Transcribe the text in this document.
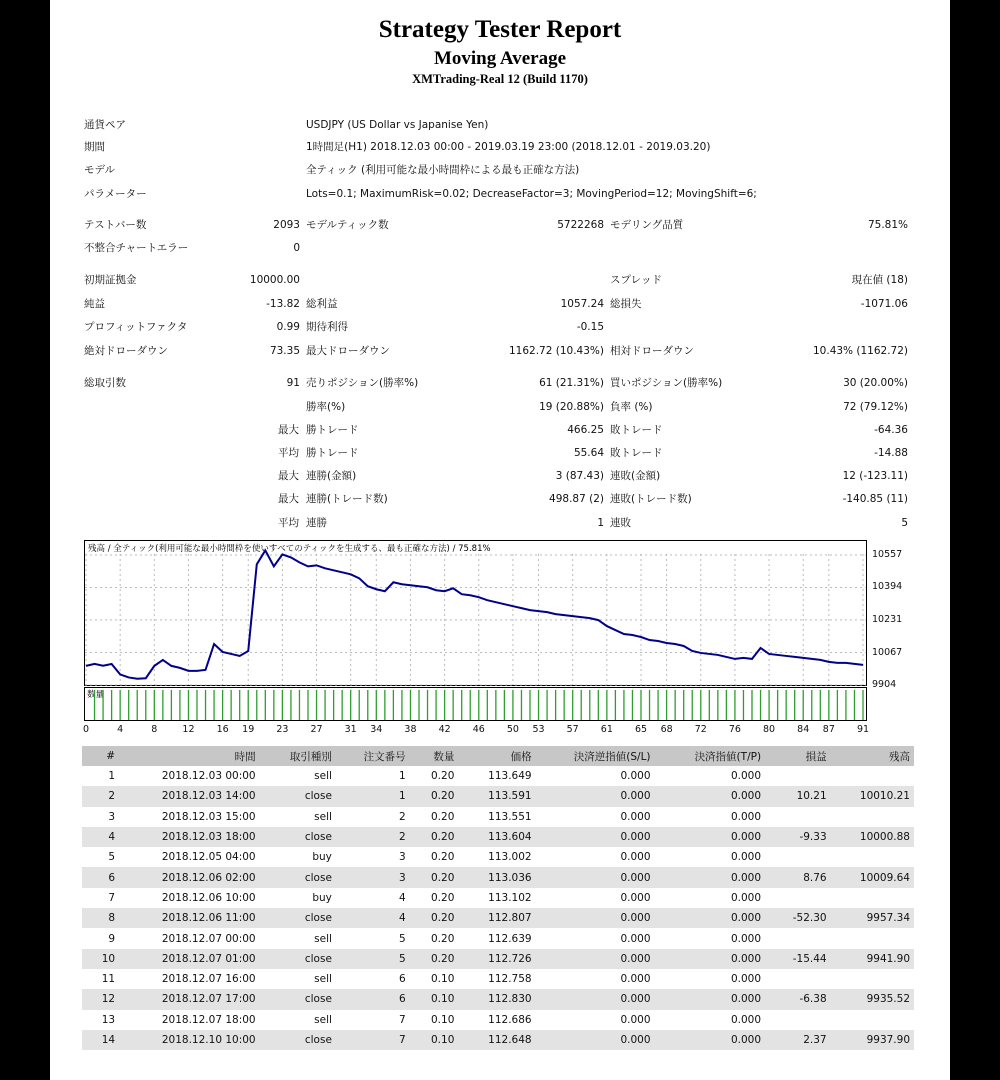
Strategy Tester Report
Moving Average
XMTrading-Real 12 (Build 1170)
通貨ペア	USDJPY (US Dollar vs Japanise Yen)
期間	1時間足(H1) 2018.12.03 00:00 - 2019.03.19 23:00 (2018.12.01 - 2019.03.20)
モデル	全ティック (利用可能な最小時間枠による最も正確な方法)
パラメーター	Lots=0.1; MaximumRisk=0.02; DecreaseFactor=3; MovingPeriod=12; MovingShift=6;
テストバー数	2093 モデルティック数	5722268 モデリング品質	75.81%
不整合チャートエラー	0
初期証拠金	10000.00	スプレッド	現在値 (18)
純益	-13.82 総利益	1057.24 総損失	-1071.06
プロフィットファクタ	0.99 期待利得	-0.15
絶対ドローダウン	73.35 最大ドローダウン	1162.72 (10.43%) 相対ドローダウン	10.43% (1162.72)
総取引数	91 売りポジション(勝率%)	61 (21.31%) 買いポジション(勝率%)	30 (20.00%)
勝率(%)	19 (20.88%) 負率 (%)	72 (79.12%)
最大 勝トレード	466.25 敗トレード	-64.36
平均 勝トレード	55.64 敗トレード	-14.88
最大 連勝(金額)	3 (87.43) 連敗(金額)	12 (-123.11)
最大 連勝(トレード数)	498.87 (2) 連敗(トレード数)	-140.85 (11)
平均 連勝	1 連敗	5
残高 / 全ティック(利用可能な最小時間枠を使いすべてのティックを生成する、最も正確な方法) / 75.81%	10557
10394
10231
10067
9904
数量
0	4	8	12 16 19 23 27 31 34 38 42 46 50 53 57 61 65 68 72 76 80 84 87 91
#	時間	取引種別	注文番号	数量	価格	決済逆指値(S/L)	決済指値(T/P)	損益	残高
1	2018.12.03 00:00	sell	1	0.20	113.649	0.000	0.000		
2	2018.12.03 14:00	close	1	0.20	113.591	0.000	0.000	10.21	10010.21
3	2018.12.03 15:00	sell	2	0.20	113.551	0.000	0.000		
4	2018.12.03 18:00	close	2	0.20	113.604	0.000	0.000	-9.33	10000.88
5	2018.12.05 04:00	buy	3	0.20	113.002	0.000	0.000		
6	2018.12.06 02:00	close	3	0.20	113.036	0.000	0.000	8.76	10009.64
7	2018.12.06 10:00	buy	4	0.20	113.102	0.000	0.000		
8	2018.12.06 11:00	close	4	0.20	112.807	0.000	0.000	-52.30	9957.34
9	2018.12.07 00:00	sell	5	0.20	112.639	0.000	0.000		
10	2018.12.07 01:00	close	5	0.20	112.726	0.000	0.000	-15.44	9941.90
11	2018.12.07 16:00	sell	6	0.10	112.758	0.000	0.000		
12	2018.12.07 17:00	close	6	0.10	112.830	0.000	0.000	-6.38	9935.52
13	2018.12.07 18:00	sell	7	0.10	112.686	0.000	0.000		
14	2018.12.10 10:00	close	7	0.10	112.648	0.000	0.000	2.37	9937.90
